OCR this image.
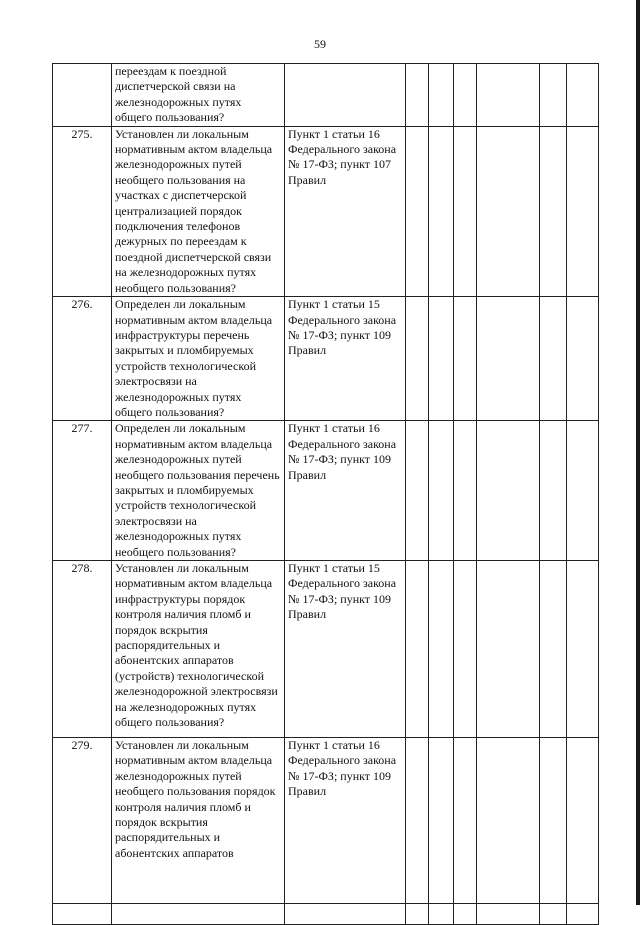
59
	переездам к поездной диспетчерской связи на железнодорожных путях общего пользования?							
275.	Установлен ли локальным нормативным актом владельца железнодорожных путей необщего пользования на участках с диспетчерской централизацией порядок подключения телефонов дежурных по переездам к поездной диспетчерской связи на железнодорожных путях необщего пользования?	Пункт 1 статьи 16 Федерального закона № 17-ФЗ; пункт 107 Правил						
276.	Определен ли локальным нормативным актом владельца инфраструктуры перечень закрытых и пломбируемых устройств технологической электросвязи на железнодорожных путях общего пользования?	Пункт 1 статьи 15 Федерального закона № 17-ФЗ; пункт 109 Правил						
277.	Определен ли локальным нормативным актом владельца железнодорожных путей необщего пользования перечень закрытых и пломбируемых устройств технологической электросвязи на железнодорожных путях необщего пользования?	Пункт 1 статьи 16 Федерального закона № 17-ФЗ; пункт 109 Правил						
278.	Установлен ли локальным нормативным актом владельца инфраструктуры порядок контроля наличия пломб и порядок вскрытия распорядительных и абонентских аппаратов (устройств) технологической железнодорожной электросвязи на железнодорожных путях общего пользования?	Пункт 1 статьи 15 Федерального закона № 17-ФЗ; пункт 109 Правил						
279.	Установлен ли локальным нормативным актом владельца железнодорожных путей необщего пользования порядок контроля наличия пломб и порядок вскрытия распорядительных и абонентских аппаратов	Пункт 1 статьи 16 Федерального закона № 17-ФЗ; пункт 109 Правил						
